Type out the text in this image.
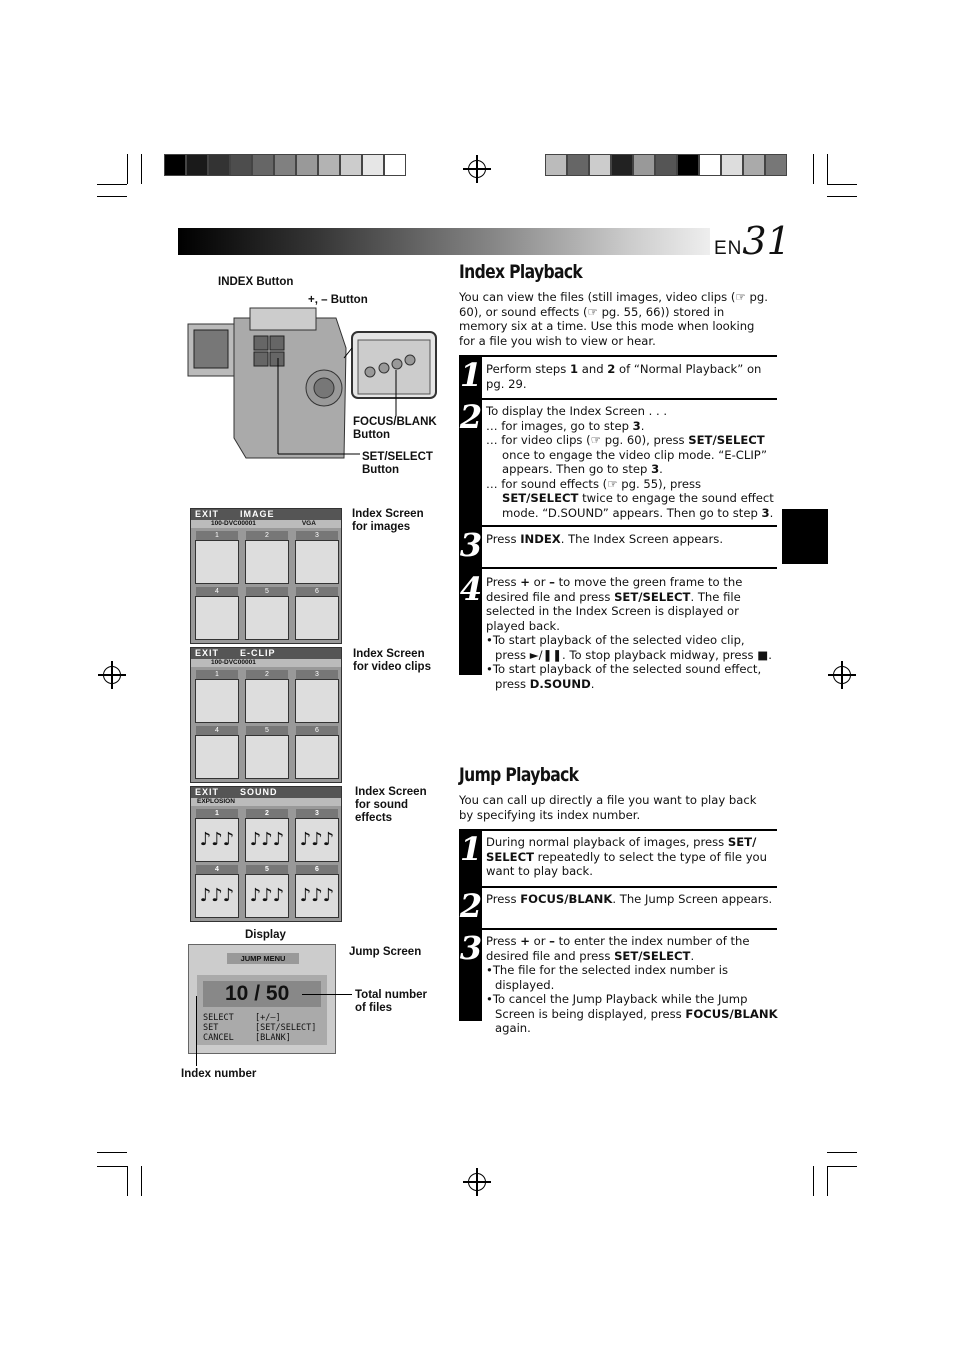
EN31
INDEX Button
+, – Button
FOCUS/BLANK
Button
SET/SELECT
Button
EXIT      IMAGE
100-DVC00001	VGA
1	2	3
4	5	6
Index Screen
for images
EXIT      E-CLIP
100-DVC00001
1	2	3
4	5	6
Index Screen
for video clips
EXIT      SOUND
EXPLOSION
1
♪♪♪
2
♪♪♪
3
♪♪♪
4
♪♪♪
5
♪♪♪
6
♪♪♪
Index Screen
for sound
effects
Display
Jump Screen
JUMP MENU
10 / 50
SELECT	[+/–]
SET	[SET/SELECT]
CANCEL	[BLANK]
Total number
of files
Index number
Index Playback
You can view the files (still images, video clips (☞ pg. 60), or sound effects (☞ pg. 55, 66)) stored in memory six at a time. Use this mode when looking for a file you wish to view or hear.
1 Perform steps 1 and 2 of “Normal Playback” on pg. 29.
2 To display the Index Screen . . .
… for images, go to step 3.
… for video clips (☞ pg. 60), press SET/SELECT once to engage the video clip mode. “E-CLIP” appears. Then go to step 3.
… for sound effects (☞ pg. 55), press SET/SELECT twice to engage the sound effect mode. “D.SOUND” appears. Then go to step 3.
3 Press INDEX. The Index Screen appears.
4 Press + or – to move the green frame to the desired file and press SET/SELECT. The file selected in the Index Screen is displayed or played back.
•To start playback of the selected video clip, press ►/❚❚. To stop playback midway, press ■.
•To start playback of the selected sound effect, press D.SOUND.
Jump Playback
You can call up directly a file you want to play back by specifying its index number.
1 During normal playback of images, press SET/ SELECT repeatedly to select the type of file you want to play back.
2 Press FOCUS/BLANK. The Jump Screen appears.
3 Press + or – to enter the index number of the desired file and press SET/SELECT.
•The file for the selected index number is displayed.
•To cancel the Jump Playback while the Jump Screen is being displayed, press FOCUS/BLANK again.
